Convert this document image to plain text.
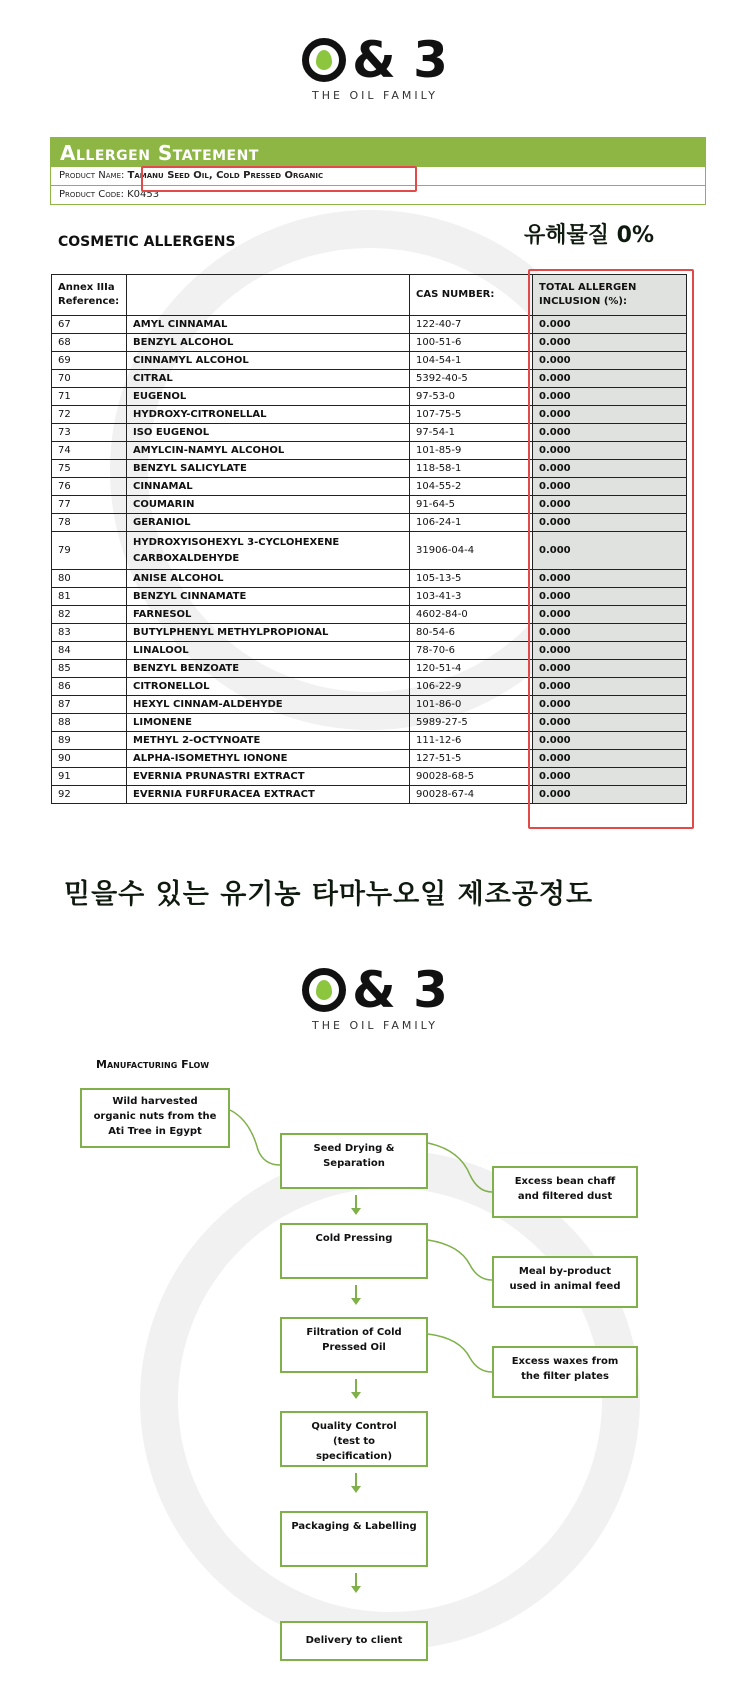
& 3
THE OIL FAMILY
Allergen Statement
Product Name: Tamanu Seed Oil, Cold Pressed Organic
Product Code: K0453
COSMETIC ALLERGENS	유해물질 0%
Annex IIIa Reference:		CAS NUMBER:	TOTAL ALLERGEN INCLUSION (%):
67	AMYL CINNAMAL	122-40-7	0.000
68	BENZYL ALCOHOL	100-51-6	0.000
69	CINNAMYL ALCOHOL	104-54-1	0.000
70	CITRAL	5392-40-5	0.000
71	EUGENOL	97-53-0	0.000
72	HYDROXY-CITRONELLAL	107-75-5	0.000
73	ISO EUGENOL	97-54-1	0.000
74	AMYLCIN-NAMYL ALCOHOL	101-85-9	0.000
75	BENZYL SALICYLATE	118-58-1	0.000
76	CINNAMAL	104-55-2	0.000
77	COUMARIN	91-64-5	0.000
78	GERANIOL	106-24-1	0.000
79	HYDROXYISOHEXYL 3-CYCLOHEXENE CARBOXALDEHYDE	31906-04-4	0.000
80	ANISE ALCOHOL	105-13-5	0.000
81	BENZYL CINNAMATE	103-41-3	0.000
82	FARNESOL	4602-84-0	0.000
83	BUTYLPHENYL METHYLPROPIONAL	80-54-6	0.000
84	LINALOOL	78-70-6	0.000
85	BENZYL BENZOATE	120-51-4	0.000
86	CITRONELLOL	106-22-9	0.000
87	HEXYL CINNAM-ALDEHYDE	101-86-0	0.000
88	LIMONENE	5989-27-5	0.000
89	METHYL 2-OCTYNOATE	111-12-6	0.000
90	ALPHA-ISOMETHYL IONONE	127-51-5	0.000
91	EVERNIA PRUNASTRI EXTRACT	90028-68-5	0.000
92	EVERNIA FURFURACEA EXTRACT	90028-67-4	0.000
믿을수 있는 유기농 타마누오일 제조공정도
& 3
THE OIL FAMILY
Manufacturing Flow
Wild harvested organic nuts from the Ati Tree in Egypt
Seed Drying & Separation
Cold Pressing
Filtration of Cold Pressed Oil
Quality Control (test to specification)
Packaging & Labelling
Delivery to client
Excess bean chaff and filtered dust
Meal by-product used in animal feed
Excess waxes from the filter plates
